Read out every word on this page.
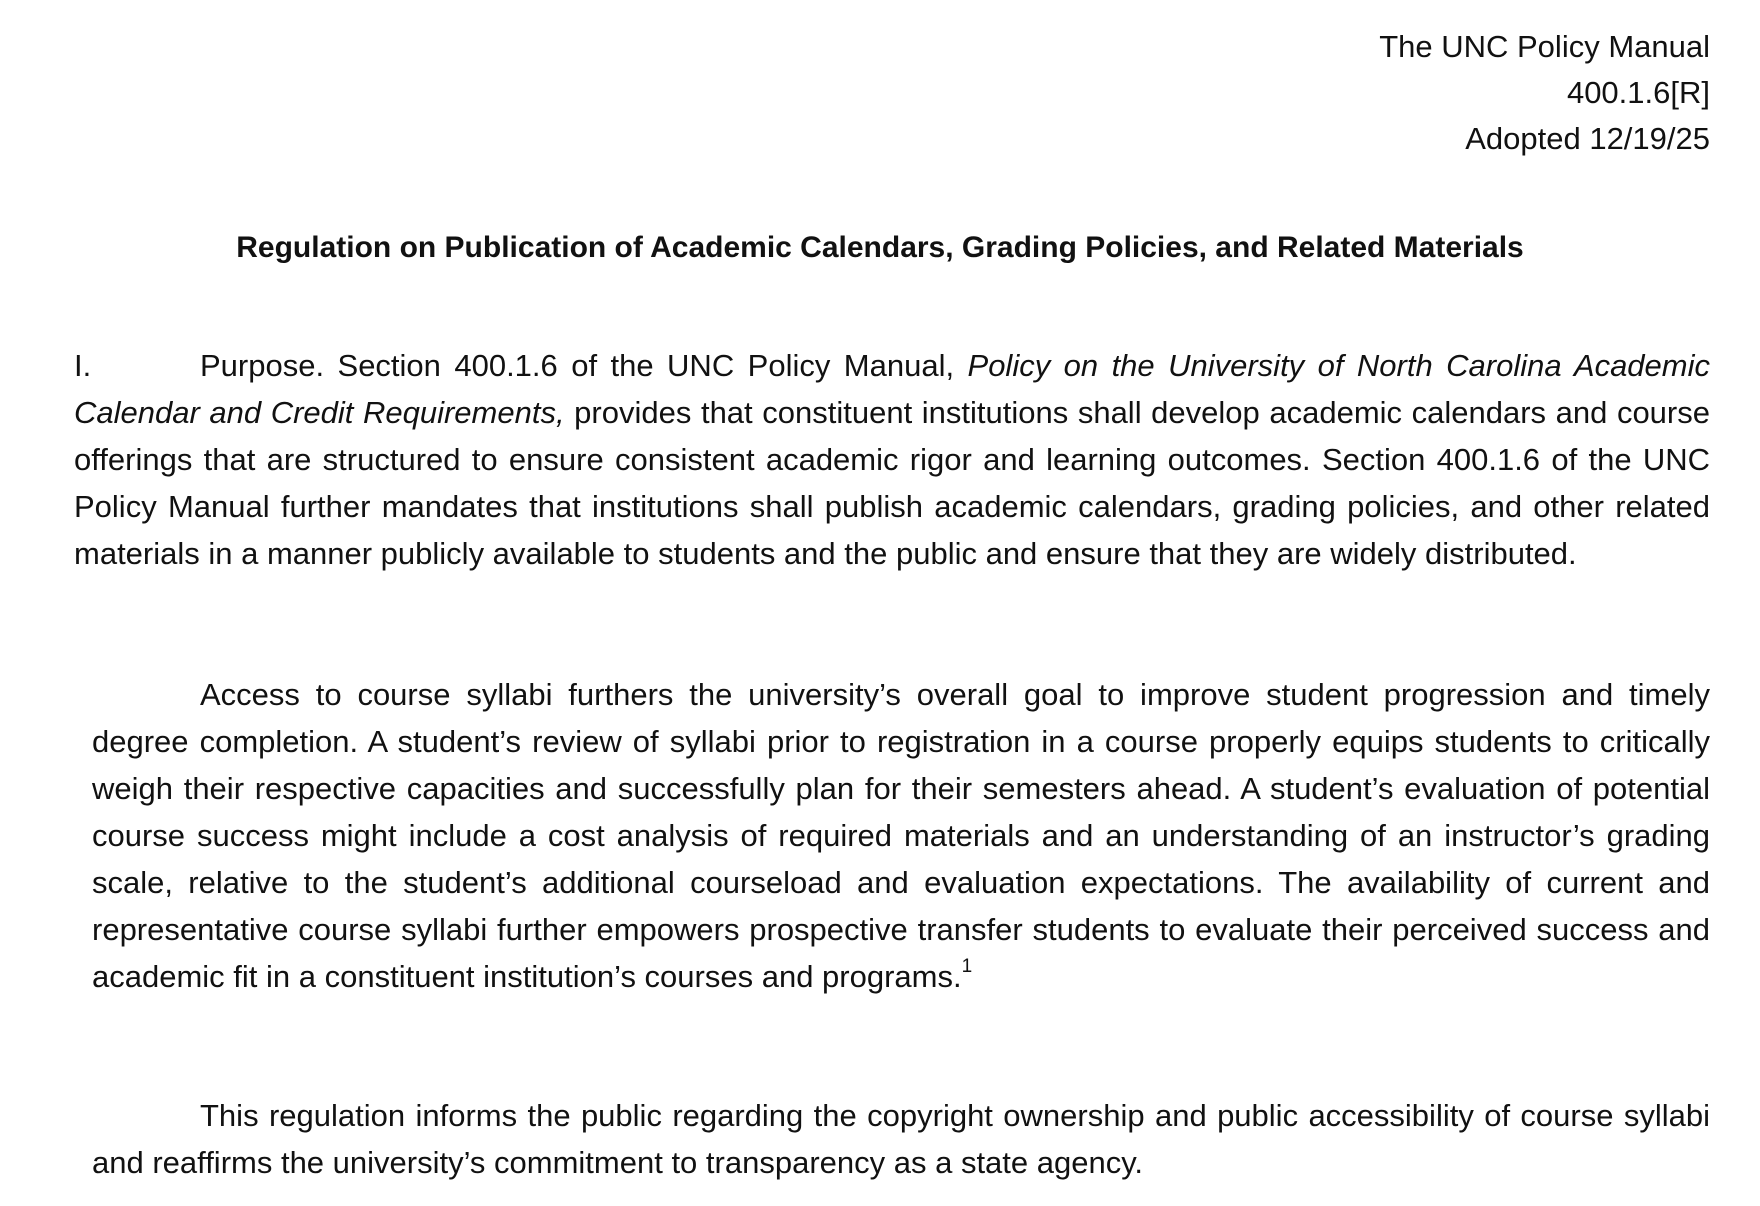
The UNC Policy Manual
400.1.6[R]
Adopted 12/19/25
Regulation on Publication of Academic Calendars, Grading Policies, and Related Materials
I.	Purpose. Section 400.1.6 of the UNC Policy Manual, Policy on the University of North Carolina Academic Calendar and Credit Requirements, provides that constituent institutions shall develop academic calendars and course offerings that are structured to ensure consistent academic rigor and learning outcomes. Section 400.1.6 of the UNC Policy Manual further mandates that institutions shall publish academic calendars, grading policies, and other related materials in a manner publicly available to students and the public and ensure that they are widely distributed.
Access to course syllabi furthers the university’s overall goal to improve student progression and timely degree completion. A student’s review of syllabi prior to registration in a course properly equips students to critically weigh their respective capacities and successfully plan for their semesters ahead. A student’s evaluation of potential course success might include a cost analysis of required materials and an understanding of an instructor’s grading scale, relative to the student’s additional courseload and evaluation expectations. The availability of current and representative course syllabi further empowers prospective transfer students to evaluate their perceived success and academic fit in a constituent institution’s courses and programs.$^1$
This regulation informs the public regarding the copyright ownership and public accessibility of course syllabi and reaffirms the university’s commitment to transparency as a state agency.
